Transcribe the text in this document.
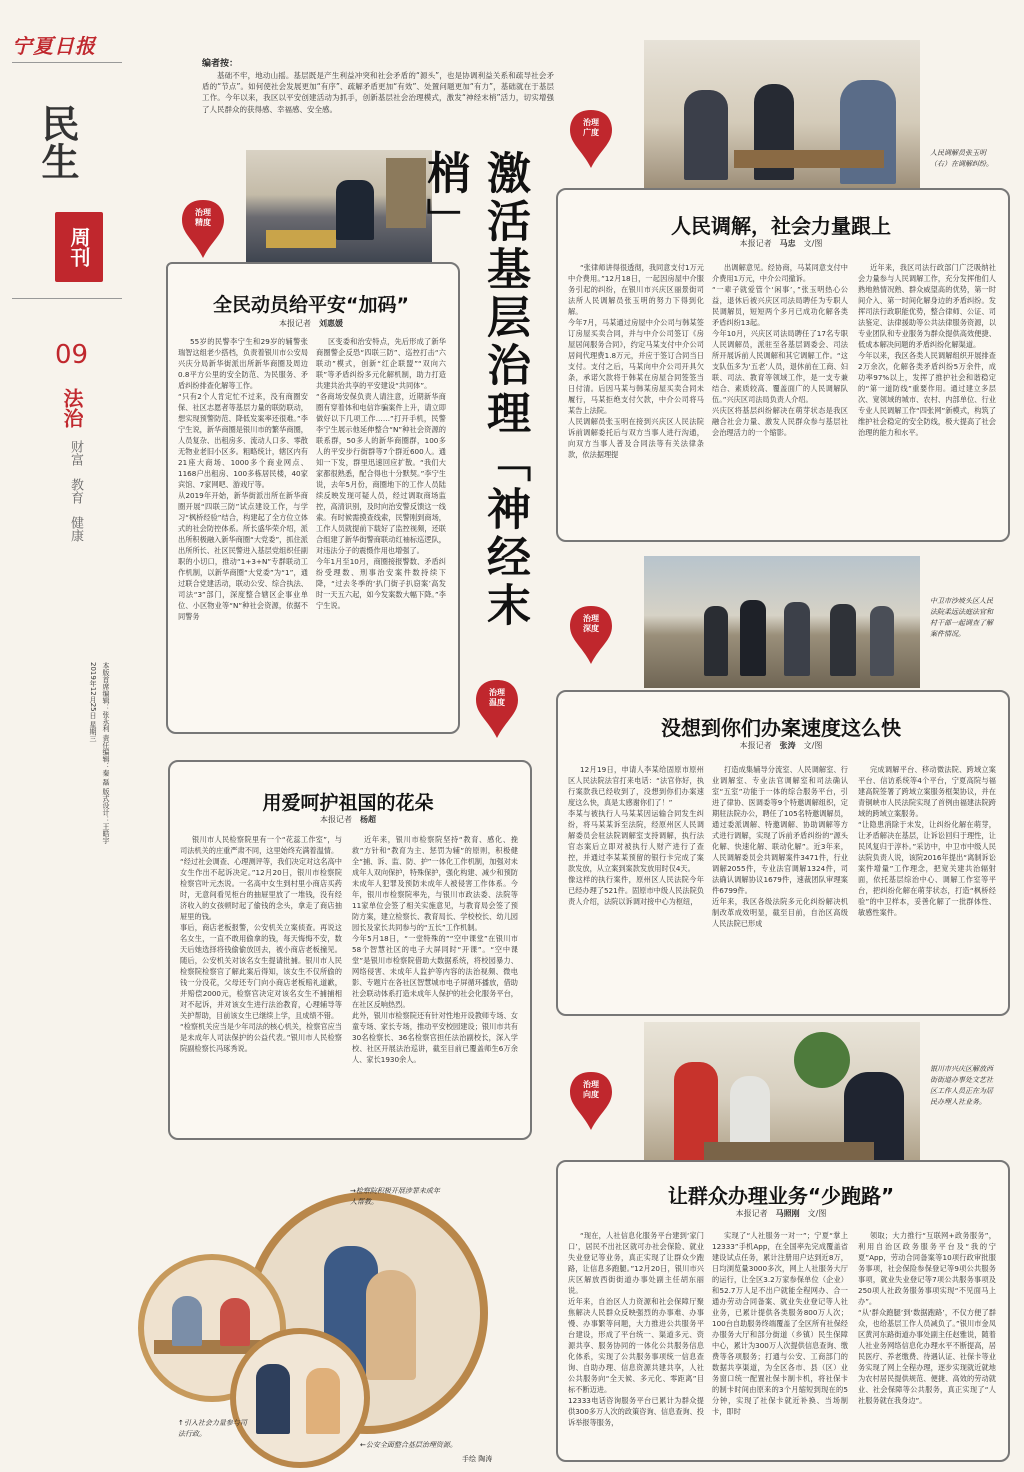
宁夏日报
民生
周刊
09
法治
财富 教育 健康
2019年12月25日 星期三 本版首席编辑：张永利 责任编辑：秦 磊 版式设计：王皓宇
编者按：
基础不牢，地动山摇。基层既是产生利益冲突和社会矛盾的“源头”，也是协调利益关系和疏导社会矛盾的“节点”。如何使社会发展更加“有序”、疏解矛盾更加“有效”、处置问题更加“有力”，基础就在于基层工作。今年以来，我区以平安创建活动为抓手，创新基层社会治理模式，激发“神经末梢”活力，切实增强了人民群众的获得感、幸福感、安全感。
激活基层治理「神经末梢」
治理
精度
全民动员给平安“加码”
本报记者　 刘惠媛
55岁的民警李宁生和29岁的辅警张瑞智这组老少搭档，负责着银川市公安局兴庆分局新华街派出所新华商圈及周边0.8平方公里的安全防范、为民服务、矛盾纠纷排查化解等工作。
“只有2个人肯定忙不过来，没有商圈安保、社区志愿者等基层力量的联防联动，想实现预警防范、降低发案率还很难。”李宁生说，新华商圈是银川市的繁华商圈，人员复杂、出租房多、流动人口多、零散无物业老旧小区多。粗略统计，辖区内有21座大商场、1000多个商业网点、1168户出租房、100多栋居民楼，40家宾馆、7家网吧、游戏厅等。
从2019年开始，新华街派出所在新华商圈开展“四联三防”试点建设工作，与学习“枫桥经验”结合，构建起了全方位立体式的社会防控体系。所长盛华荣介绍，派出所积极融入新华商圈“大党委”，抓住派出所所长、社区民警进入基层党组织任副职的小切口，推动“1+3+N”专群联动工作机制，以新华商圈“大党委”为“1”，通过联合党建活动，联动公安、综合执法、司法“3”部门，深度整合辖区企事业单位、小区物业等“N”种社会资源，依据不同警务
区变委和治安特点，先后形成了新华商圈警企反恐“四联三防”、巡控打击“六联动”模式，创新“红企联盟”“双向六联”等矛盾纠纷多元化解机制，助力打造共建共治共享的平安建设“共同体”。
“各商场安保负责人请注意，近期新华商圈有穿着体和电信诈骗案件上升，请立即做好以下几项工作……”打开手机，民警李宁生展示他延伸整合“N”种社会资源的联系群，50多人的新华商圈群，100多人的平安步行街群等7个群近600人。通知一下发，群里迅速回应扩散。“我们大家都很熟悉，配合得也十分默契。”李宁生说，去年5月份，商圈地下的工作人员陆续反映发现可疑人员，经过调取商场监控，高清识别，及时向治安警反馈这一线索。有时候需摸查线索，民警刚到商场，工作人员就提前下载好了监控视频，还联合组建了新华街警商联动红袖标巡逻队，对违法分子的震慑作用也增强了。
今年1月至10月，商圈接报警数、矛盾纠纷受理数、刑事治安案件数持续下降，“过去冬季的‘扒门街子扒窃案’高发时一天五六起，如今发案数大幅下降。”李宁生说。
治理
温度
用爱呵护祖国的花朵
本报记者　 杨超
银川市人民检察院里有一个“花蕊工作室”，与司法机关的庄重严肃不同，这里始终充满着温情。
“经过社会调查、心理测评等，我们决定对这名高中女生作出不起诉决定。”12月20日，银川市检察院检察官叶元杰说。一名高中女生到村里小商店买药时，无意间看见柜台的抽屉里放了一堆钱，没有经济收入的女孩顿时起了偷钱的念头，拿走了商店抽屉里的钱。
事后，商店老板报警，公安机关立案侦查。再说这名女生，一直不敢用偷拿的钱，每天悔悔不安，数天后她选择将钱偷偷放回去，被小商店老板撞见。随后，公安机关对该名女生提请批捕。银川市人民检察院检察官了解此案后得知，该女生不仅所偷的钱一分没花，父母还专门向小商店老板赔礼道歉，并赔偿2000元，检察官决定对该名女生不捕捕相对不起诉，并对该女生进行法治教育，心理辅导等关护帮助，目前该女生已继续上学，且成绩不错。
“检察机关应当是少年司法的核心机关，检察官应当是未成年人司法保护的公益代表。”银川市人民检察院副检察长冯琢秀说。
近年来，银川市检察院坚持“教育、感化、挽救”方针和“教育为主、惩罚为辅”的原则，积极健全“捕、诉、监、防、护”一体化工作机制，加强对未成年人双向保护，特殊保护，强化构建、减少和预防未成年人犯罪及预防未成年人被侵害工作体系。今年，银川市检察院率先，与银川市政法委、法院等11家单位会签了相关实施意见，与教育局会签了预防方案，建立检察长、教育局长、学校校长、幼儿园园长及家长共同参与的“五长”工作机制。
今年5月18日，“一堂特殊的”“空中课堂”在银川市58个智慧社区的电子大屏同时“开课”。“空中课堂”是银川市检察院借助大数据系统，将校园暴力、网络侵害、未成年人监护等内容的法治视频、微电影、专题片在各社区智慧城市电子屏循环播放，借助社会联动体系打造未成年人保护的社会化服务平台，在社区反响热烈。
此外，银川市检察院还有针对性地开设教师专场、女童专场、家长专场，推动平安校园建设；银川市共有30名检察长、36名检察官担任法治副校长，深入学校、社区开展法治巡讲，截至目前已覆盖师生6万余人、家长1930余人。
→检察院积极开展涉罪未成年人帮教。
↑引入社会力量参与司法行政。
←公安全面整合基层治理资源。
手绘 陶涛
人民调解员张玉明（右）在调解纠纷。
治理
广度
人民调解，社会力量跟上
本报记者　 马忠　 文/图
“张律师讲得很透彻，我同意支付1万元中介费用。”12月18日，一起因房屋中介服务引起的纠纷，在银川市兴庆区丽景街司法所人民调解员张玉明的努力下得到化解。
今年7月，马某通过房屋中介公司与韩某签订房屋买卖合同，并与中介公司签订《房屋居间服务合同》，约定马某支付中介公司居间代理费1.8万元，并应于签订合同当日支付。支付之后，马某向中介公司开具欠条，承诺欠款将于韩某在房屋合同签签当日付清。后因马某与韩某房屋买卖合同未履行，马某拒绝支付欠款，中介公司将马某告上法院。
人民调解员张玉明在接到兴庆区人民法院诉前调解委托后与双方当事人进行沟通，向双方当事人普及合同法等有关法律条款，依法据理提
出调解意见。经协商，马某同意支付中介费用1万元，中介公司撤诉。
“一辈子就爱管个‘闲事’，”张玉明热心公益，退休后被兴庆区司法局聘任为专职人民调解员，短短两个多月已成功化解各类矛盾纠纷13起。
今年10月，兴庆区司法局聘任了17名专职人民调解员，派驻至各基层调委会、司法所开展诉前人民调解和其它调解工作。“这支队伍多为‘五老’人员，退休前在工商、妇联、司法、教育等领域工作，是一支专兼结合、素质较高、覆盖面广的人民调解队伍。”兴庆区司法局负责人介绍。
兴庆区将基层纠纷解决在萌芽状态是我区融合社会力量、激发人民群众参与基层社会治理活力的一个缩影。
近年来，我区司法行政部门广泛吸纳社会力量参与人民调解工作，充分发挥他们人熟地熟情况熟、群众威望高的优势，第一时间介入、第一时间化解身边的矛盾纠纷。发挥司法行政职能优势，整合律师、公证、司法鉴定、法律援助等公共法律服务资源，以专业团队和专业服务为群众提供高效便捷、低成本解决问题的矛盾纠纷化解渠道。
今年以来，我区各类人民调解组织开展排查2万余次，化解各类矛盾纠纷5万余件，成功率97%以上，发挥了推护社会和谐稳定的“第一道防线”重要作用。通过建立多层次、宽领域的城市、农村、内部单位、行业专业人民调解工作“四张网”新模式，构筑了维护社会稳定的安全防线，极大提高了社会治理的能力和水平。
中卫市沙坡头区人民法院柔远法庭法官和村干部一起调查了解案件情况。
治理
深度
没想到你们办案速度这么快
本报记者　 张涛　 文/图
12月19日，申请人李某给固原市原州区人民法院法官打来电话：“法官你好，执行案款我已经收到了，没想到你们办案速度这么快，真是太感谢你们了！”
李某与被执行人马某某因运输合同发生纠纷，将马某某诉至法院，经原州区人民调解委员会驻法院调解室支持调解，执行法官态案后立即对被执行人财产进行了查控，并通过李某某预留的银行卡完成了案款发放，从立案到案款发放用时仅4天。
像这样的执行案件，原州区人民法院今年已经办理了521件。固原市中级人民法院负责人介绍，法院以诉调对接中心为枢纽，
打造成集辅导分流室、人民调解室、行业调解室、专业法官调解室和司法确认室“五室”功能于一体的综合服务平台，引进了律协、医调委等9个特邀调解组织，定期驻法院办公，聘任了105名特邀调解员，通过委派调解、特邀调解、协助调解等方式进行调解，实现了诉前矛盾纠纷的“源头化解、快速化解、联动化解”。近3年来，人民调解委员会共调解案件3471件，行业调解2055件，专业法官调解1324件，司法确认调解协议1679件，速裁团队审理案件6799件。
近年来，我区各级法院多元化纠纷解决机制改革成效明显，截至目前，自治区高级人民法院已形成
完成调解平台、移动微法院、跨域立案平台、信访系统等4个平台，宁夏高院与福建高院签署了跨域立案服务框架协议，并在青铜峡市人民法院实现了首例由福建法院跨域的跨域立案服务。
“让隐患消除于未发，让纠纷化解在萌芽，让矛盾解决在基层，让诉讼回归于理性，让民风复归于淳朴。”采访中，中卫市中级人民法院负责人说，该院2016年提出“离制诉讼案件增量”工作理念，把宽关建共治辐射面，依托基层综治中心、调解工作室等平台，把纠纷化解在萌芽状态，打造“枫桥经验”的中卫样本，妥善化解了一批群体性、敏感性案件。
银川市兴庆区解放西街街道办事处文艺社区工作人员正在为居民办理人社业务。
治理
向度
让群众办理业务“少跑路”
本报记者　 马照刚　 文/图
“现在，人社信息化服务平台建到‘家门口’，居民不出社区就可办社会保险、就业失业登记等业务，真正实现了让群众少跑路，让信息多跑腿。”12月20日，银川市兴庆区解放西街街道办事处副主任胡东丽说。
近年来，自治区人力资源和社会保障厅聚焦解决人民群众反映强烈的办事难、办事慢、办事繁等问题，大力推进公共服务平台建设，形成了平台统一、渠道多元、资源共享、服务协同的一体化公共服务信息化体系，实现了公共服务事项统一信息查询、自助办理、信息资源共建共享，人社公共服务向“全天候、多元化、零距离”目标不断迈进。
12333电话咨询服务平台已累计为群众提供300多万人次的政策咨询、信息查询、投诉举报等服务，
实现了“人社服务一对一”；宁夏“掌上12333”手机App，在全国率先完成覆盖省建设试点任务，累计注册用户达到近8万，日均浏览量3000多次，网上人社服务大厅的运行，让全区3.2万家参保单位（企业）和52.7万人足不出户就能全程网办、合一通办劳动合同备案、就业失业登记等人社业务，已累计提供各类服务800万人次；100台自助服务终端覆盖了全区所有社保经办服务大厅和部分街道（乡镇）民生保障中心，累计为300万人次提供信息查询、缴费等各项服务；打通与公安、工商部门的数据共享渠道，为全区各市、县（区）业务窗口统一配置社保卡制卡机，将社保卡的制卡时间由原来的3个月缩短到现在的5分钟，实现了社保卡就近补换、当场制卡，即时
领取；大力推行“互联网+政务服务”，利用自治区政务服务平台及“我的宁夏”App，劳动合同备案等10项行政审批服务事项，社会保险参保登记等9项公共服务事项，就业失业登记等7项公共服务事项及250项人社政务服务事项实现“不见面马上办”。
“从‘群众跑腿’到‘数据跑路’，不仅方便了群众，也给基层工作人员减负了。”银川市金凤区黄河东路街道办事处副主任赵雅说，随着人社业务网络信息化办理水平不断提高，居民医疗、养老缴费、待遇认证、社保卡等业务实现了网上全程办理，逐步实现就近就地为农村居民提供规范、便捷、高效的劳动就业、社会保障等公共服务，真正实现了“人社服务就在我身边”。
